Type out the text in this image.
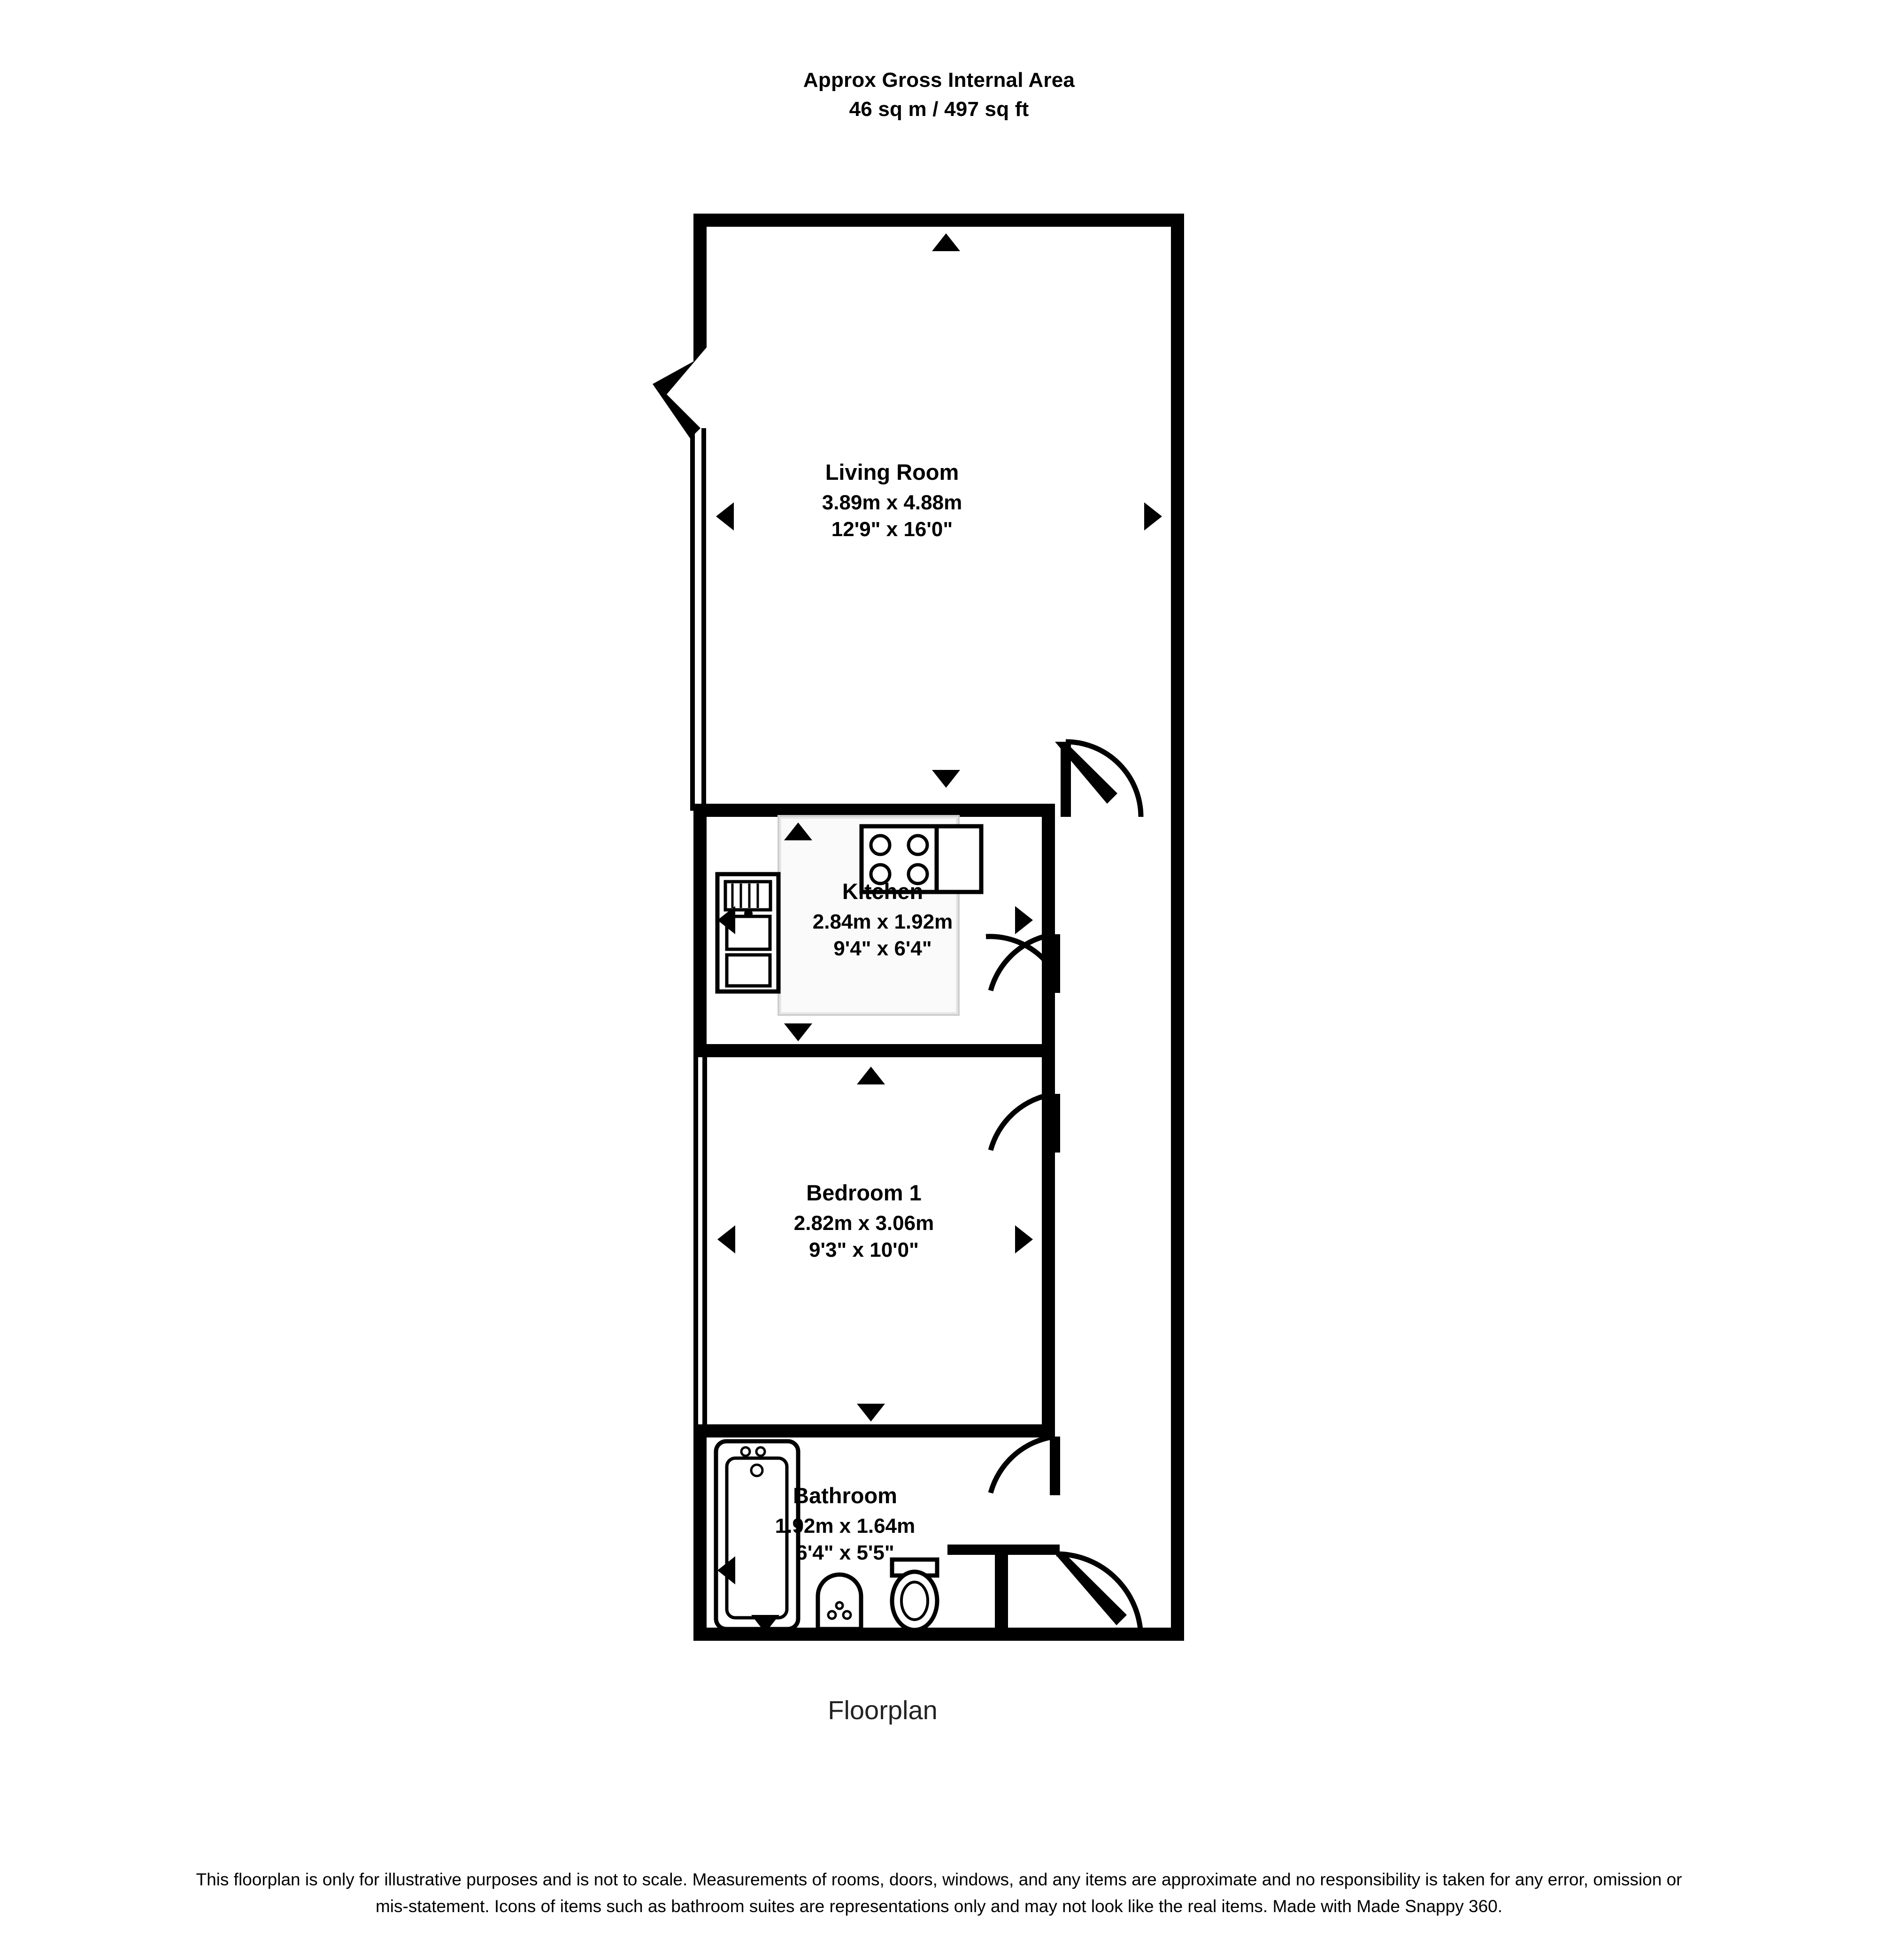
Approx Gross Internal Area
46 sq m / 497 sq ft
Living Room
3.89m x 4.88m
12'9" x 16'0"
Kitchen
2.84m x 1.92m
9'4" x 6'4"
Bedroom 1
2.82m x 3.06m
9'3" x 10'0"
Bathroom
1.92m x 1.64m
6'4" x 5'5"
Floorplan
This floorplan is only for illustrative purposes and is not to scale. Measurements of rooms, doors, windows, and any items are approximate and no responsibility is taken for any error, omission or mis-statement. Icons of items such as bathroom suites are representations only and may not look like the real items. Made with Made Snappy 360.
